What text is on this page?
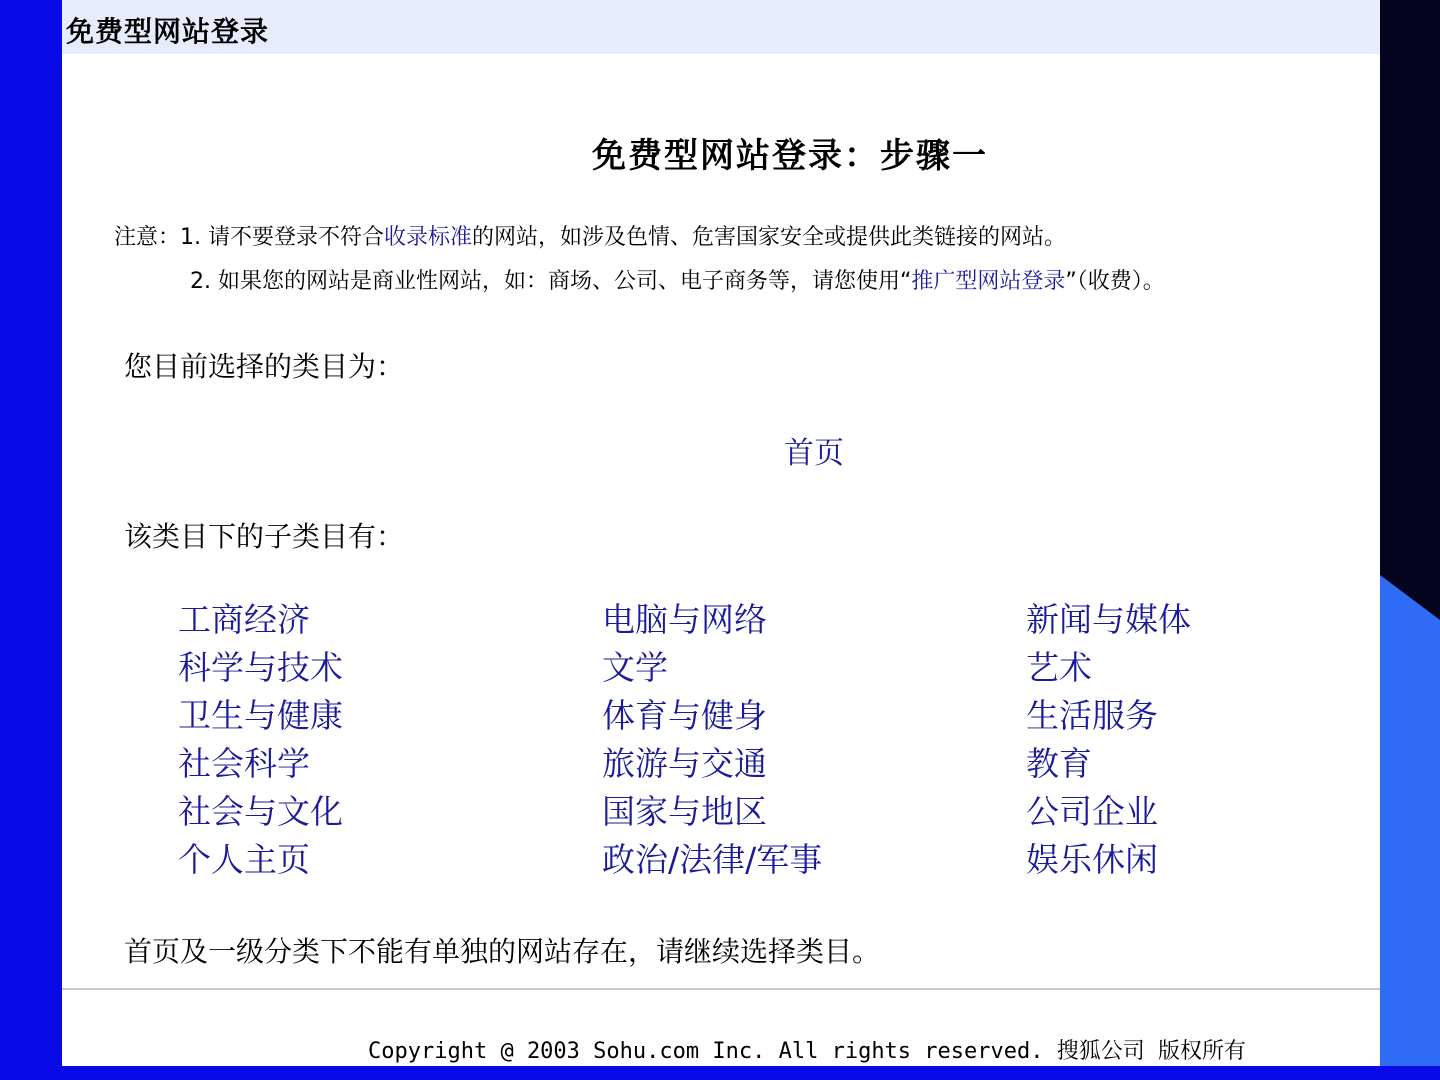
免费型网站登录
免费型网站登录：步骤一
注意：1. 请不要登录不符合收录标准的网站，如涉及色情、危害国家安全或提供此类链接的网站。
2. 如果您的网站是商业性网站，如：商场、公司、电子商务等，请您使用“推广型网站登录”（收费）。
您目前选择的类目为：
首页
该类目下的子类目有：
工商经济	电脑与网络	新闻与媒体
科学与技术	文学	艺术
卫生与健康	体育与健身	生活服务
社会科学	旅游与交通	教育
社会与文化	国家与地区	公司企业
个人主页	政治/法律/军事	娱乐休闲
首页及一级分类下不能有单独的网站存在，请继续选择类目。
Copyright @ 2003 Sohu.com Inc. All rights reserved. 搜狐公司 版权所有
